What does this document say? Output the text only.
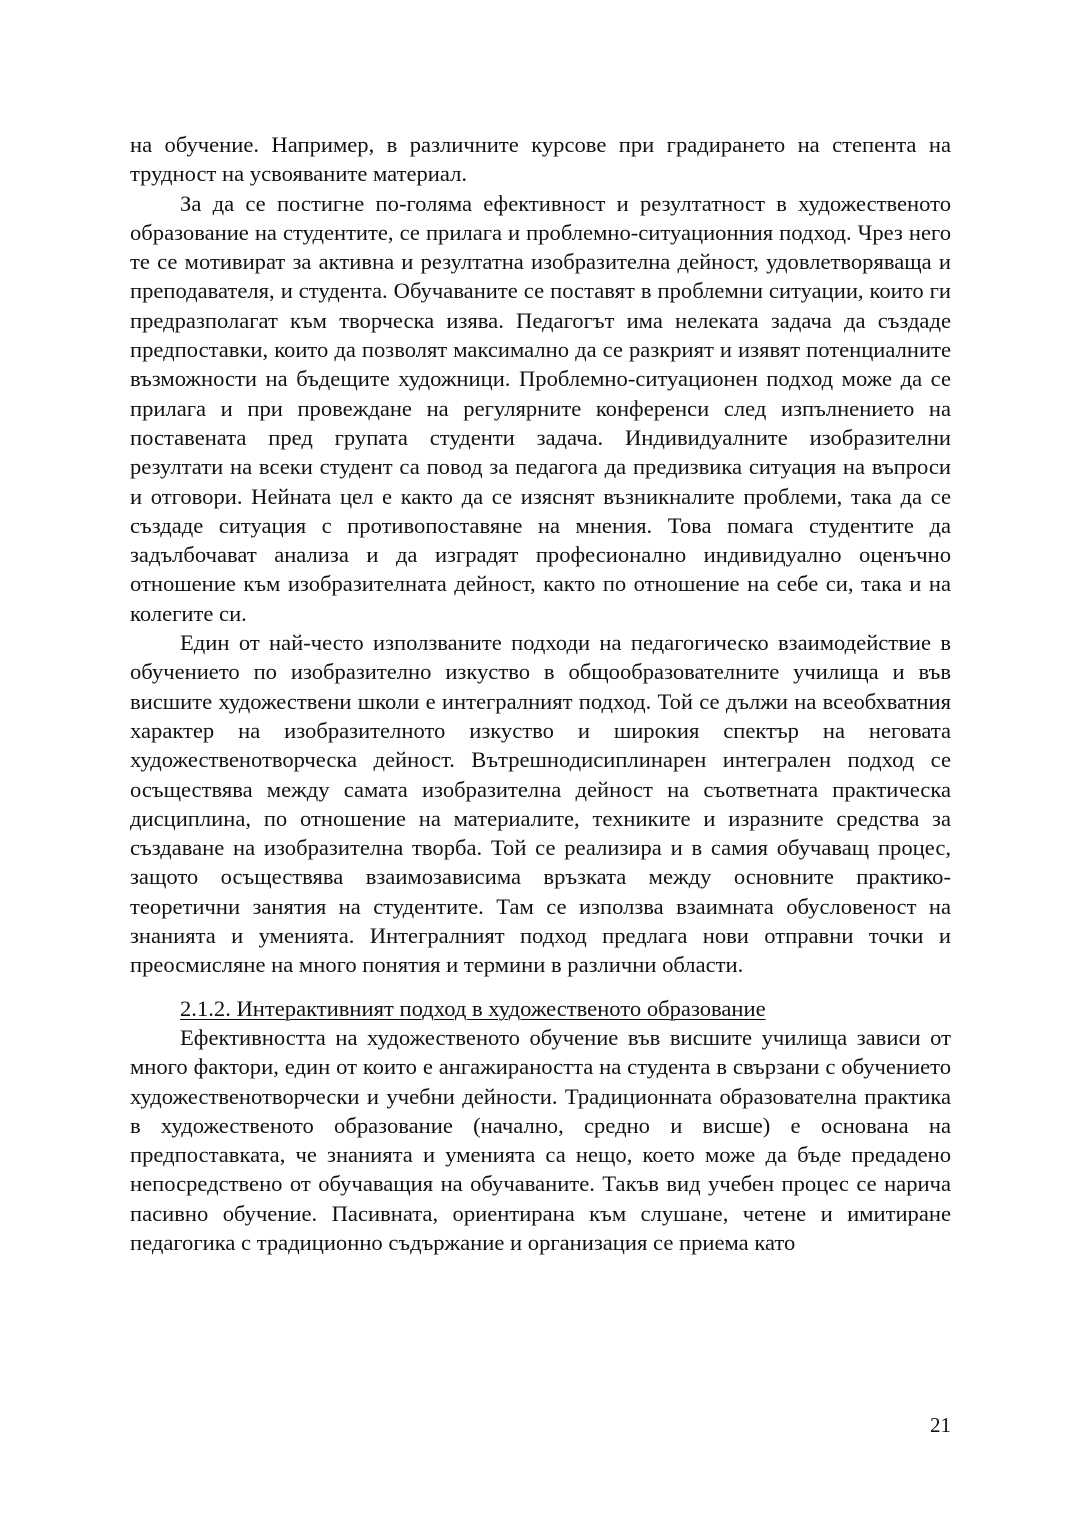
на обучение. Например, в различните курсове при градирането на степента на трудност на усвояваните материал.

За да се постигне по-голяма ефективност и резултатност в художественото образование на студентите, се прилага и проблемно-ситуационния подход. Чрез него те се мотивират за активна и резултатна изобразителна дейност, удовлетворяваща и преподавателя, и студента. Обучаваните се поставят в проблемни ситуации, които ги предразполагат към творческа изява. Педагогът има нелеката задача да създаде предпоставки, които да позволят максимално да се разкрият и изявят потенциалните възможности на бъдещите художници. Проблемно-ситуационен подход може да се прилага и при провеждане на регулярните конференси след изпълнението на поставената пред групата студенти задача. Индивидуалните изобразителни резултати на всеки студент са повод за педагога да предизвика ситуация на въпроси и отговори. Нейната цел е както да се изяснят възникналите проблеми, така да се създаде ситуация с противопоставяне на мнения. Това помага студентите да задълбочават анализа и да изградят професионално индивидуално оценъчно отношение към изобразителната дейност, както по отношение на себе си, така и на колегите си.

Един от най-често използваните подходи на педагогическо взаимодействие в обучението по изобразително изкуство в общообразователните училища и във висшите художествени школи е интегралният подход. Той се дължи на всеобхватния характер на изобразителното изкуство и широкия спектър на неговата художественотворческа дейност. Вътрешнодисиплинарен интегрален подход се осъществява между самата изобразителна дейност на съответната практическа дисциплина, по отношение на материалите, техниките и изразните средства за създаване на изобразителна творба. Той се реализира и в самия обучаващ процес, защото осъществява взаимозависима връзката между основните практико-теоретични занятия на студентите. Там се използва взаимната обусловеност на знанията и уменията. Интегралният подход предлага нови отправни точки и преосмисляне на много понятия и термини в различни области.

2.1.2. Интерактивният подход в художественото образование

Ефективността на художественото обучение във висшите училища зависи от много фактори, един от които е ангажираността на студента в свързани с обучението художественотворчески и учебни дейности. Традиционната образователна практика в художественото образование (начално, средно и висше) е основана на предпоставката, че знанията и уменията са нещо, което може да бъде предадено непосредствено от обучаващия на обучаваните. Такъв вид учебен процес се нарича пасивно обучение. Пасивната, ориентирана към слушане, четене и имитиране педагогика с традиционно съдържание и организация се приема като

21
